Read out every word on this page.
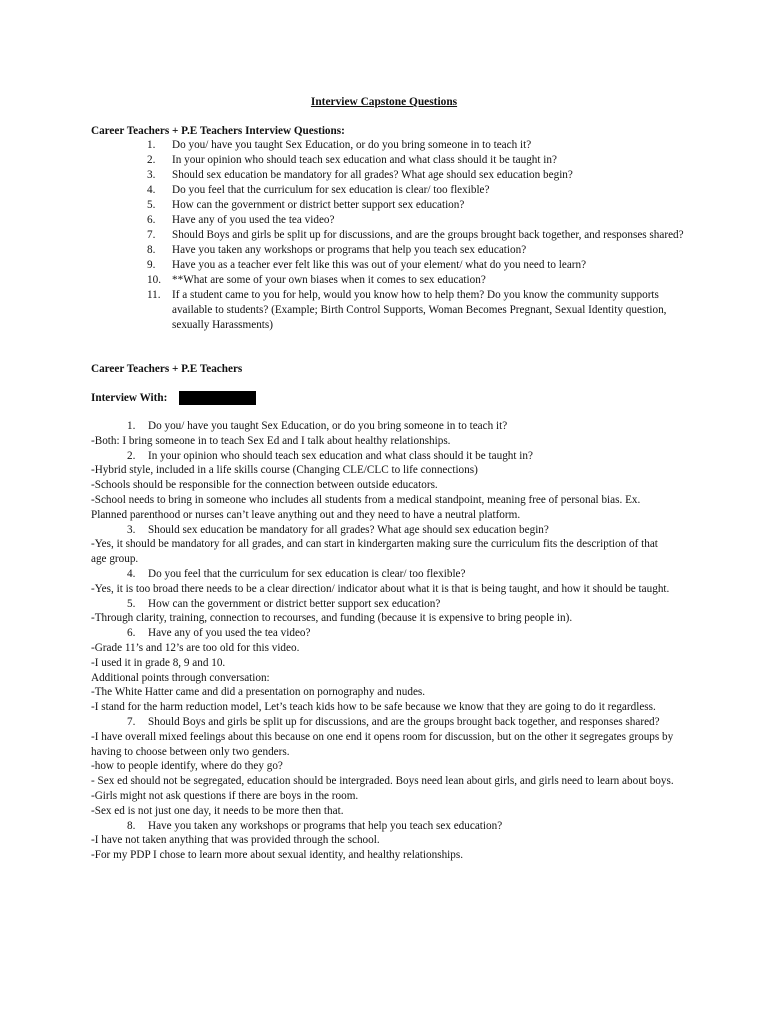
Interview Capstone Questions
Career Teachers + P.E Teachers Interview Questions:
1.	Do you/ have you taught Sex Education, or do you bring someone in to teach it?
2.	In your opinion who should teach sex education and what class should it be taught in?
3.	Should sex education be mandatory for all grades? What age should sex education begin?
4.	Do you feel that the curriculum for sex education is clear/ too flexible?
5.	How can the government or district better support sex education?
6.	Have any of you used the tea video?
7.	Should Boys and girls be split up for discussions, and are the groups brought back together, and responses shared?
8.	Have you taken any workshops or programs that help you teach sex education?
9.	Have you as a teacher ever felt like this was out of your element/ what do you need to learn?
10. **What are some of your own biases when it comes to sex education?
11.	If a student came to you for help, would you know how to help them? Do you know the community supports available to students? (Example; Birth Control Supports, Woman Becomes Pregnant, Sexual Identity question, sexually Harassments)
Career Teachers + P.E Teachers
Interview With:
1.	Do you/ have you taught Sex Education, or do you bring someone in to teach it?
-Both: I bring someone in to teach Sex Ed and I talk about healthy relationships.
2.	In your opinion who should teach sex education and what class should it be taught in?
-Hybrid style, included in a life skills course (Changing CLE/CLC to life connections)
-Schools should be responsible for the connection between outside educators.
-School needs to bring in someone who includes all students from a medical standpoint, meaning free of personal bias. Ex. Planned parenthood or nurses can’t leave anything out and they need to have a neutral platform.
3.	Should sex education be mandatory for all grades? What age should sex education begin?
-Yes, it should be mandatory for all grades, and can start in kindergarten making sure the curriculum fits the description of that age group.
4.	Do you feel that the curriculum for sex education is clear/ too flexible?
-Yes, it is too broad there needs to be a clear direction/ indicator about what it is that is being taught, and how it should be taught.
5.	How can the government or district better support sex education?
-Through clarity, training, connection to recourses, and funding (because it is expensive to bring people in).
6.	Have any of you used the tea video?
-Grade 11’s and 12’s are too old for this video.
-I used it in grade 8, 9 and 10.
Additional points through conversation:
-The White Hatter came and did a presentation on pornography and nudes.
-I stand for the harm reduction model, Let’s teach kids how to be safe because we know that they are going to do it regardless.
7.	Should Boys and girls be split up for discussions, and are the groups brought back together, and responses shared?
-I have overall mixed feelings about this because on one end it opens room for discussion, but on the other it segregates groups by having to choose between only two genders.
-how to people identify, where do they go?
- Sex ed should not be segregated, education should be intergraded. Boys need lean about girls, and girls need to learn about boys.
-Girls might not ask questions if there are boys in the room.
-Sex ed is not just one day, it needs to be more then that.
8.	Have you taken any workshops or programs that help you teach sex education?
-I have not taken anything that was provided through the school.
-For my PDP I chose to learn more about sexual identity, and healthy relationships.
